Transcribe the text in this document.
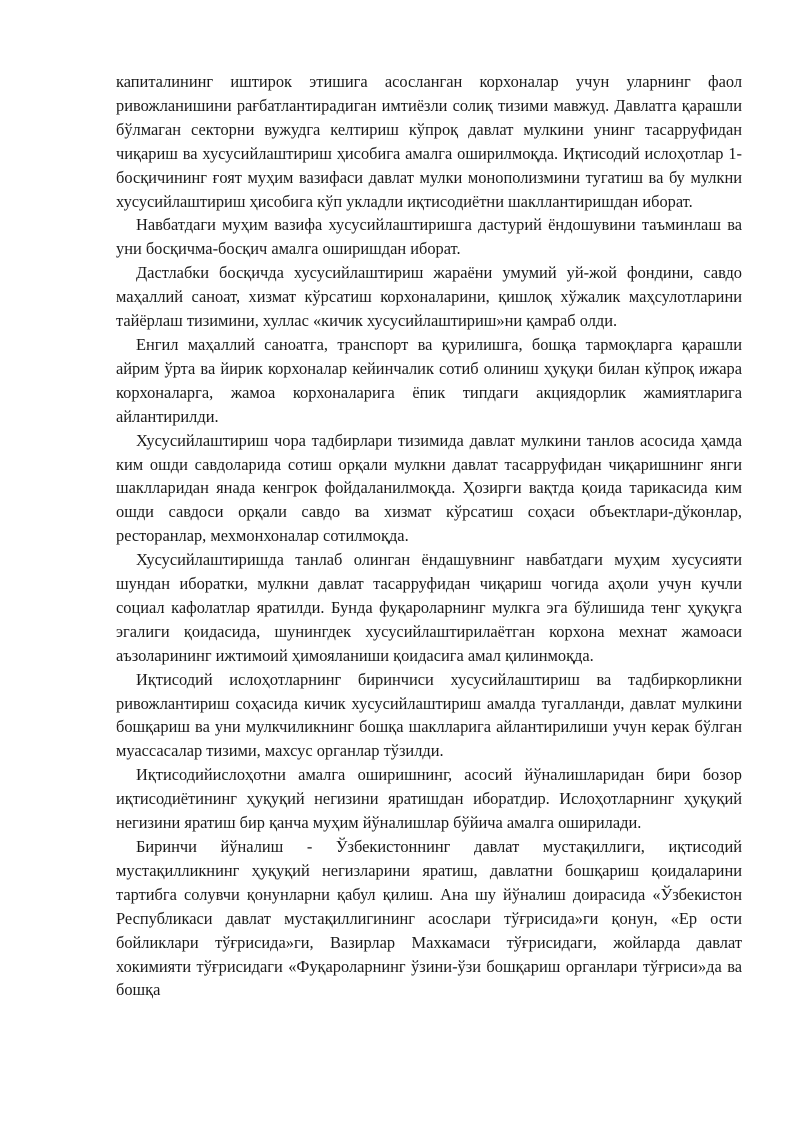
капиталининг иштирок этишига асосланган корхоналар учун уларнинг фаол ривожланишини рағбатлантирадиган имтиёзли солиқ тизими мавжуд. Давлатга қарашли бўлмаган секторни вужудга келтириш кўпроқ давлат мулкини унинг тасарруфидан чиқариш ва хусусийлаштириш ҳисобига амалга оширилмоқда. Иқтисодий ислоҳотлар 1-босқичининг ғоят муҳим вазифаси давлат мулки монополизмини тугатиш ва бу мулкни хусусийлаштириш ҳисобига кўп укладли иқтисодиётни шакллантиришдан иборат.

Навбатдаги муҳим вазифа хусусийлаштиришга дастурий ёндошувини таъминлаш ва уни босқичма-босқич амалга оширишдан иборат.

Дастлабки босқичда хусусийлаштириш жараёни умумий уй-жой фондини, савдо маҳаллий саноат, хизмат кўрсатиш корхоналарини, қишлоқ хўжалик маҳсулотларини тайёрлаш тизимини, хуллас «кичик хусусийлаштириш»ни қамраб олди.

Енгил маҳаллий саноатга, транспорт ва қурилишга, бошқа тармоқларга қарашли айрим ўрта ва йирик корхоналар кейинчалик сотиб олиниш ҳуқуқи билан кўпроқ ижара корхоналарга, жамоа корхоналарига ёпик типдаги акциядорлик жамиятларига айлантирилди.

Хусусийлаштириш чора тадбирлари тизимида давлат мулкини танлов асосида ҳамда ким ошди савдоларида сотиш орқали мулкни давлат тасарруфидан чиқаришнинг янги шаклларидан янада кенгрок фойдаланилмоқда. Ҳозирги вақтда қоида тарикасида ким ошди савдоси орқали савдо ва хизмат кўрсатиш соҳаси объектлари-дўконлар, ресторанлар, мехмонхоналар сотилмоқда.

Хусусийлаштиришда танлаб олинган ёндашувнинг навбатдаги муҳим хусусияти шундан иборатки, мулкни давлат тасарруфидан чиқариш чогида аҳоли учун кучли социал кафолатлар яратилди. Бунда фуқароларнинг мулкга эга бўлишида тенг ҳуқуқга эгалиги қоидасида, шунингдек хусусийлаштирилаётган корхона мехнат жамоаси аъзоларининг ижтимоий ҳимояланиши қоидасига амал қилинмоқда.

Иқтисодий ислоҳотларнинг биринчиси хусусийлаштириш ва тадбиркорликни ривожлантириш соҳасида кичик хусусийлаштириш амалда тугалланди, давлат мулкини бошқариш ва уни мулкчиликнинг бошқа шаклларига айлантирилиши учун керак бўлган муассасалар тизими, махсус органлар тўзилди.

Иқтисодийислоҳотни амалга оширишнинг, асосий йўналишларидан бири бозор иқтисодиётининг ҳуқуқий негизини яратишдан иборатдир. Ислоҳотларнинг ҳуқуқий негизини яратиш бир қанча муҳим йўналишлар бўйича амалга оширилади.

Биринчи йўналиш - Ўзбекистоннинг давлат мустақиллиги, иқтисодий мустақилликнинг ҳуқуқий негизларини яратиш, давлатни бошқариш қоидаларини тартибга солувчи қонунларни қабул қилиш. Ана шу йўналиш доирасида «Ўзбекистон Республикаси давлат мустақиллигининг асослари тўғрисида»ги қонун, «Ер ости бойликлари тўғрисида»ги, Вазирлар Махкамаси тўғрисидаги, жойларда давлат хокимияти тўғрисидаги «Фуқароларнинг ўзини-ўзи бошқариш органлари тўғриси»да ва бошқа
